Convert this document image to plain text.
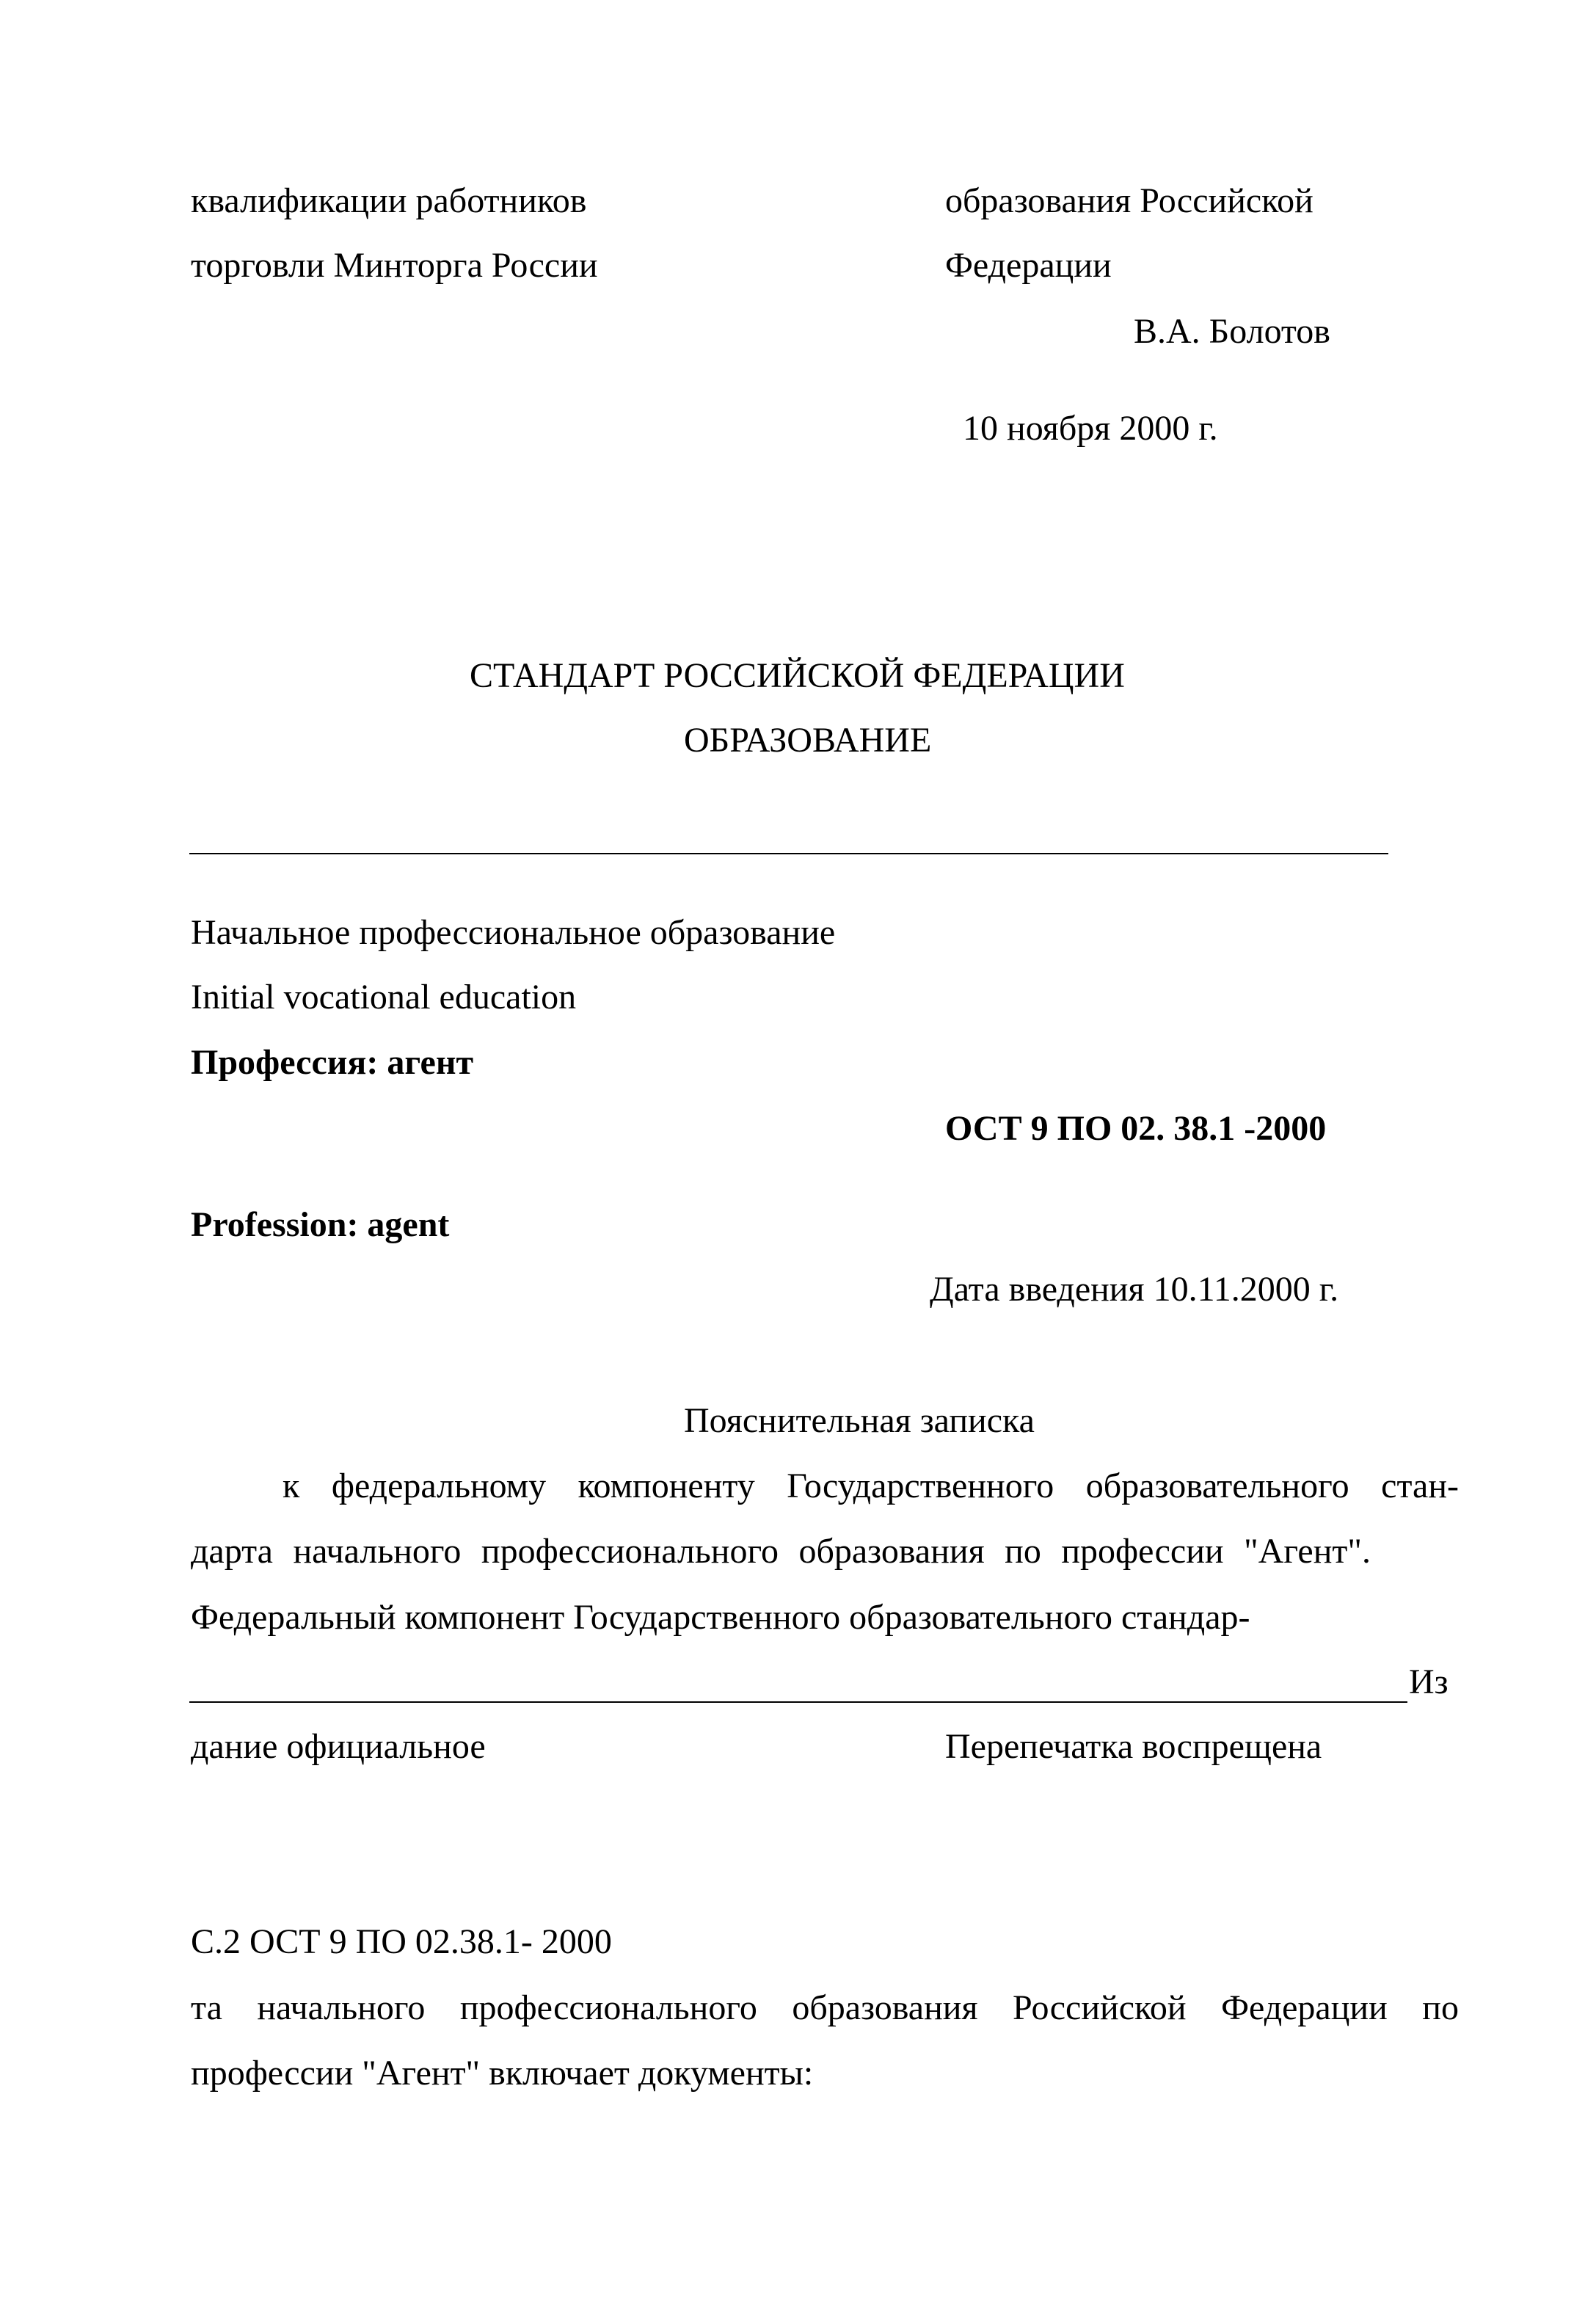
квалификации работников
торговли Минторга России
образования Российской
Федерации
В.А. Болотов
10 ноября 2000 г.
СТАНДАРТ РОССИЙСКОЙ ФЕДЕРАЦИИ
ОБРАЗОВАНИЕ
Начальное профессиональное образование
Initial vocational education
Профессия: агент
ОСТ 9 ПО 02. 38.1 -2000
Profession: agent
Дата введения 10.11.2000 г.
Пояснительная записка
к федеральному компоненту Государственного образовательного стан-
дарта начального профессионального образования по профессии "Агент".
Федеральный компонент Государственного образовательного стандар-
Из
дание официальное	Перепечатка воспрещена
С.2 ОСТ 9 ПО 02.38.1- 2000
та начального профессионального образования Российской Федерации по
профессии "Агент" включает документы:
